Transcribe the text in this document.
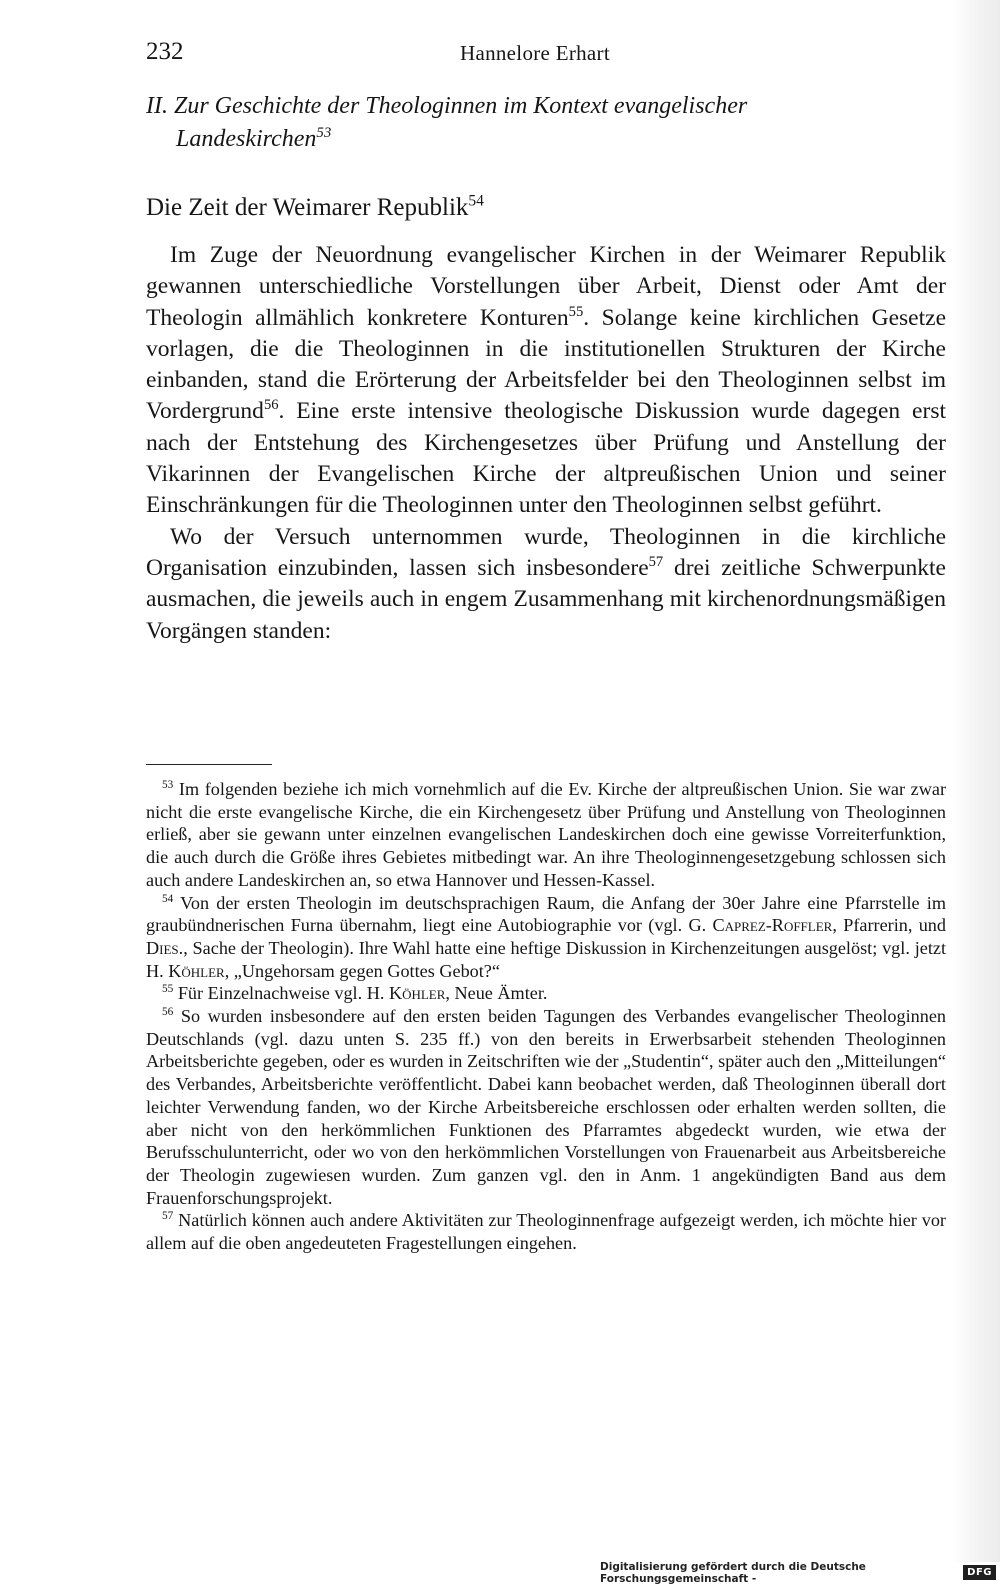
232	Hannelore Erhart
II. Zur Geschichte der Theologinnen im Kontext evangelischer
Landeskirchen$^{53}$
Die Zeit der Weimarer Republik$^{54}$

Im Zuge der Neuordnung evangelischer Kirchen in der Weimarer Republik gewannen unterschiedliche Vorstellungen über Arbeit, Dienst oder Amt der Theologin allmählich konkretere Konturen$^{55}$. Solange keine kirchlichen Gesetze vorlagen, die die Theologinnen in die institutionellen Strukturen der Kirche einbanden, stand die Erörterung der Arbeitsfelder bei den Theologinnen selbst im Vordergrund$^{56}$. Eine erste intensive theologische Diskussion wurde dagegen erst nach der Entstehung des Kirchengesetzes über Prüfung und Anstellung der Vikarinnen der Evangelischen Kirche der altpreußischen Union und seiner Einschränkungen für die Theologinnen unter den Theologinnen selbst geführt.

Wo der Versuch unternommen wurde, Theologinnen in die kirchliche Organisation einzubinden, lassen sich insbesondere$^{57}$ drei zeitliche Schwerpunkte ausmachen, die jeweils auch in engem Zusammenhang mit kirchenordnungsmäßigen Vorgängen standen:

$^{53}$ Im folgenden beziehe ich mich vornehmlich auf die Ev. Kirche der altpreußischen Union. Sie war zwar nicht die erste evangelische Kirche, die ein Kirchengesetz über Prüfung und Anstellung von Theologinnen erließ, aber sie gewann unter einzelnen evangelischen Landeskirchen doch eine gewisse Vorreiterfunktion, die auch durch die Größe ihres Gebietes mitbedingt war. An ihre Theologinnengesetzgebung schlossen sich auch andere Landeskirchen an, so etwa Hannover und Hessen-Kassel.

$^{54}$ Von der ersten Theologin im deutschsprachigen Raum, die Anfang der 30er Jahre eine Pfarrstelle im graubündnerischen Furna übernahm, liegt eine Autobiographie vor (vgl. G. Caprez-Roffler, Pfarrerin, und Dies., Sache der Theologin). Ihre Wahl hatte eine heftige Diskussion in Kirchenzeitungen ausgelöst; vgl. jetzt H. Köhler, „Ungehorsam gegen Gottes Gebot?“

$^{55}$ Für Einzelnachweise vgl. H. Köhler, Neue Ämter.

$^{56}$ So wurden insbesondere auf den ersten beiden Tagungen des Verbandes evangelischer Theologinnen Deutschlands (vgl. dazu unten S. 235 ff.) von den bereits in Erwerbsarbeit stehenden Theologinnen Arbeitsberichte gegeben, oder es wurden in Zeitschriften wie der „Studentin“, später auch den „Mitteilungen“ des Verbandes, Arbeitsberichte veröffentlicht. Dabei kann beobachet werden, daß Theologinnen überall dort leichter Verwendung fanden, wo der Kirche Arbeitsbereiche erschlossen oder erhalten werden sollten, die aber nicht von den herkömmlichen Funktionen des Pfarramtes abgedeckt wurden, wie etwa der Berufsschulunterricht, oder wo von den herkömmlichen Vorstellungen von Frauenarbeit aus Arbeitsbereiche der Theologin zugewiesen wurden. Zum ganzen vgl. den in Anm. 1 angekündigten Band aus dem Frauenforschungsprojekt.

$^{57}$ Natürlich können auch andere Aktivitäten zur Theologinnenfrage aufgezeigt werden, ich möchte hier vor allem auf die oben angedeuteten Fragestellungen eingehen.

Digitalisierung gefördert durch die Deutsche Forschungsgemeinschaft -	DFG
